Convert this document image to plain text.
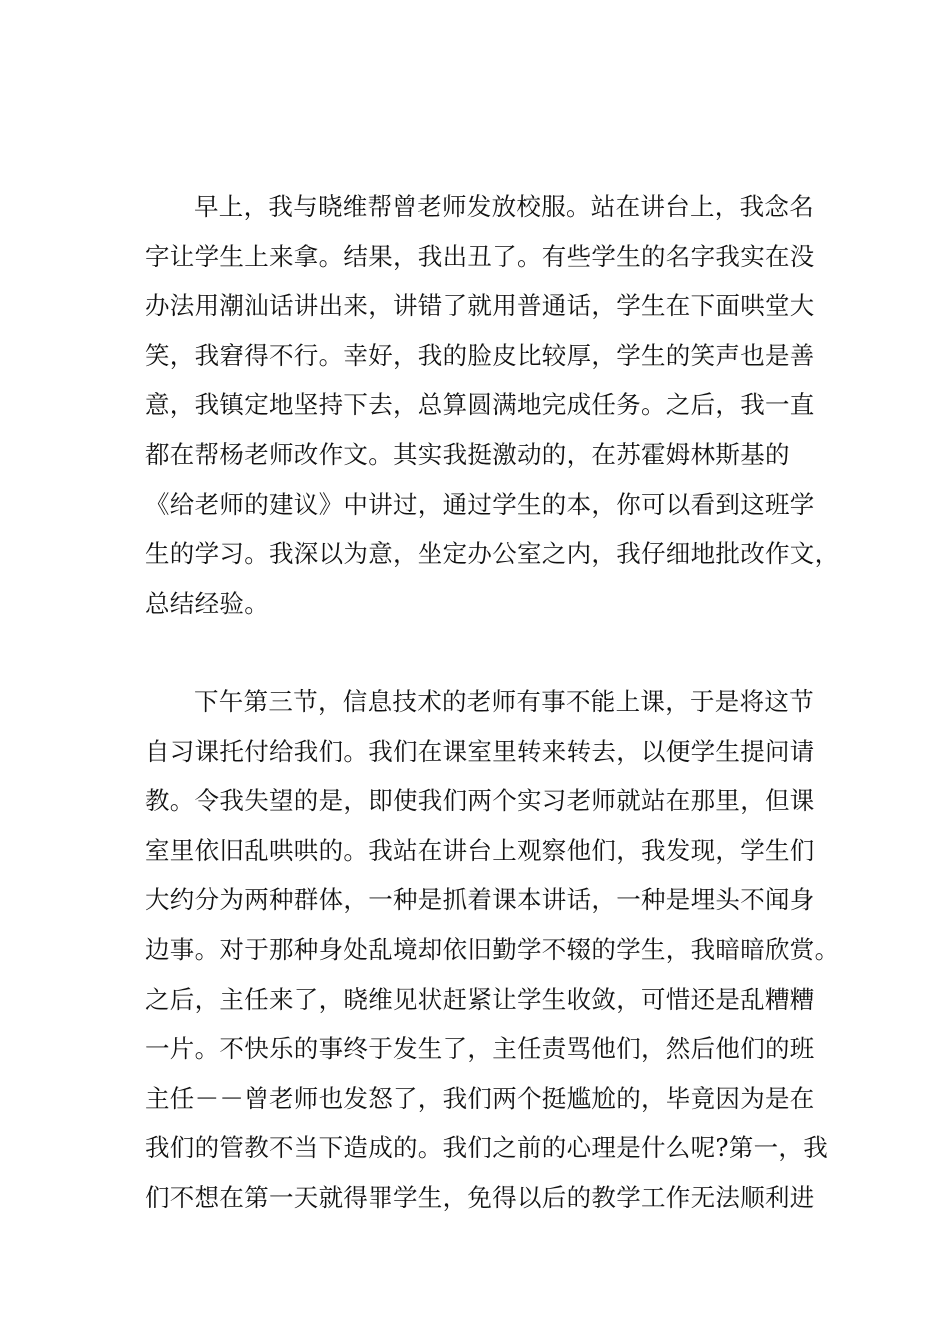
早上，我与晓维帮曾老师发放校服。站在讲台上，我念名
字让学生上来拿。结果，我出丑了。有些学生的名字我实在没
办法用潮汕话讲出来，讲错了就用普通话，学生在下面哄堂大
笑，我窘得不行。幸好，我的脸皮比较厚，学生的笑声也是善
意，我镇定地坚持下去，总算圆满地完成任务。之后，我一直
都在帮杨老师改作文。其实我挺激动的，在苏霍姆林斯基的
《给老师的建议》中讲过，通过学生的本，你可以看到这班学
生的学习。我深以为意，坐定办公室之内，我仔细地批改作文，
总结经验。
下午第三节，信息技术的老师有事不能上课，于是将这节
自习课托付给我们。我们在课室里转来转去，以便学生提问请
教。令我失望的是，即使我们两个实习老师就站在那里，但课
室里依旧乱哄哄的。我站在讲台上观察他们，我发现，学生们
大约分为两种群体，一种是抓着课本讲话，一种是埋头不闻身
边事。对于那种身处乱境却依旧勤学不辍的学生，我暗暗欣赏。
之后，主任来了，晓维见状赶紧让学生收敛，可惜还是乱糟糟
一片。不快乐的事终于发生了，主任责骂他们，然后他们的班
主任－－曾老师也发怒了，我们两个挺尴尬的，毕竟因为是在
我们的管教不当下造成的。我们之前的心理是什么呢?第一，我
们不想在第一天就得罪学生，免得以后的教学工作无法顺利进
